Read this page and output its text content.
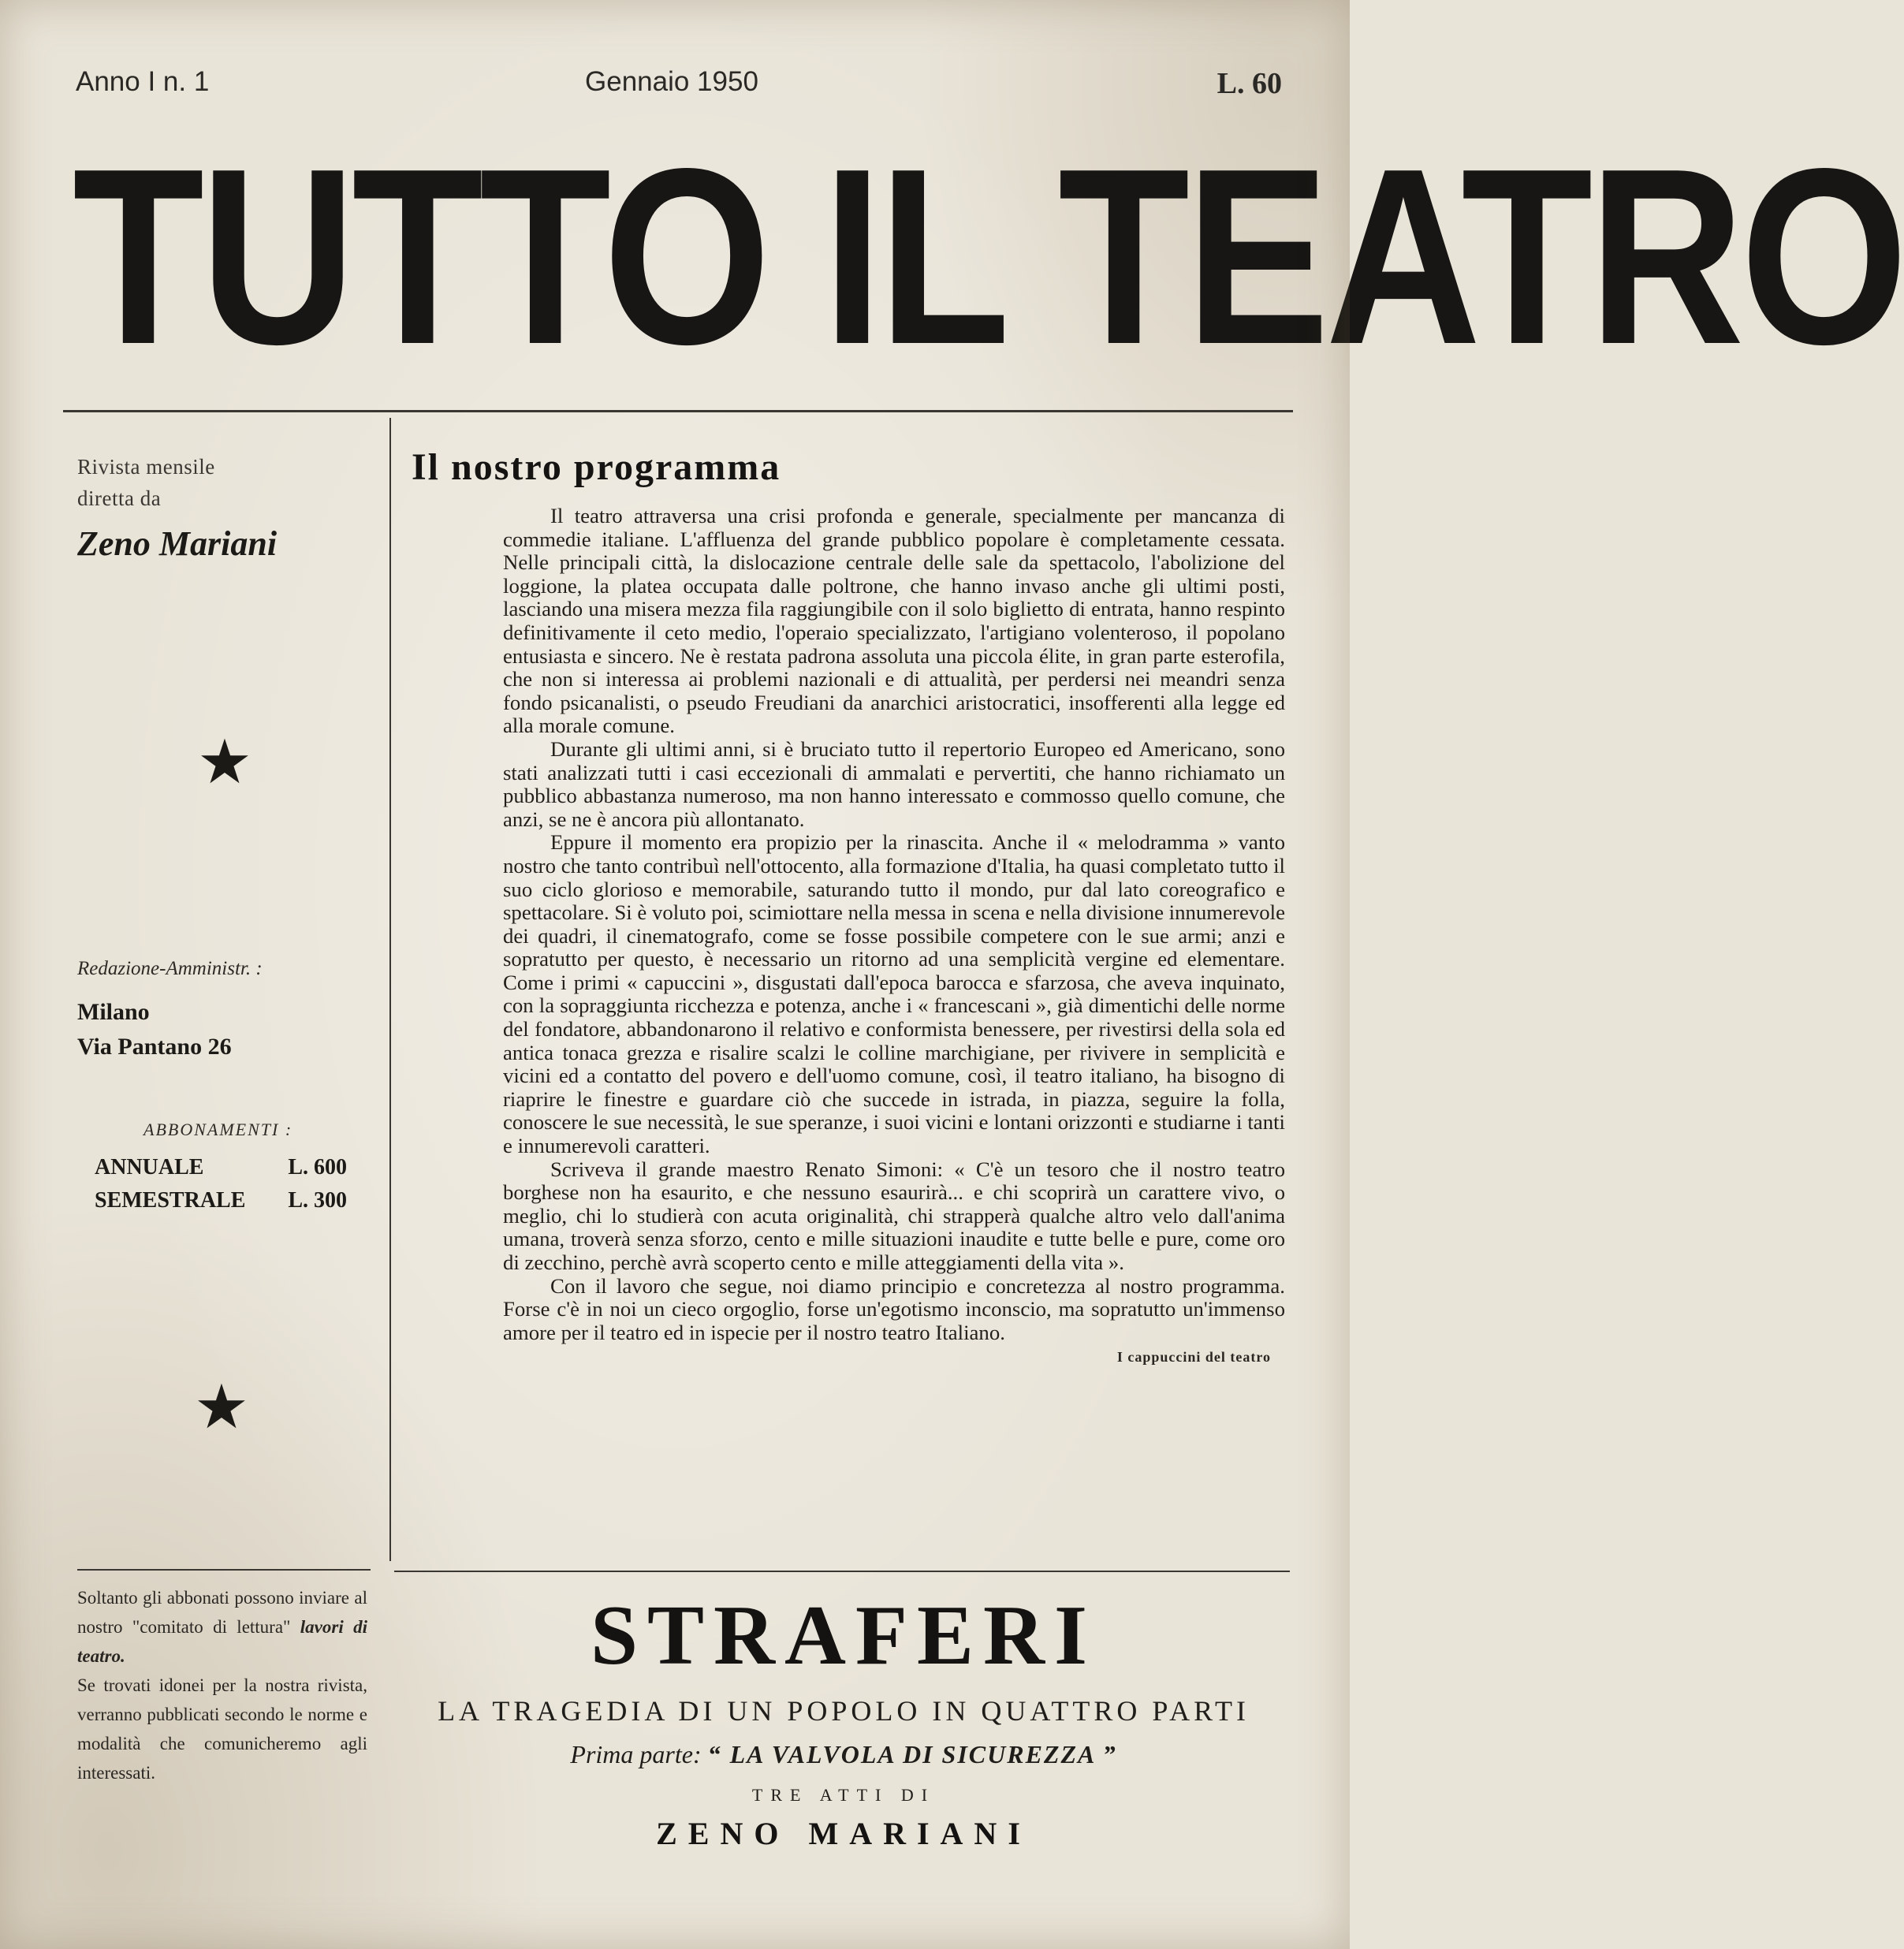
Anno I n. 1	Gennaio 1950	L. 60
TUTTO IL TEATRO
Rivista mensile
diretta da
Zeno Mariani
★
★
Redazione-Amministr. :
Milano
Via Pantano 26
ABBONAMENTI :
ANNUALE	L. 600
SEMESTRALE L. 300
Soltanto gli abbonati possono inviare al nostro "comitato di lettura" lavori di teatro.
Se trovati idonei per la nostra rivista, verranno pubblicati secondo le norme e modalità che comunicheremo agli interessati.
Il nostro programma

Il teatro attraversa una crisi profonda e generale, specialmente per mancanza di commedie italiane. L'affluenza del grande pubblico popolare è completamente cessata. Nelle principali città, la dislocazione centrale delle sale da spettacolo, l'abolizione del loggione, la platea occupata dalle poltrone, che hanno invaso anche gli ultimi posti, lasciando una misera mezza fila raggiungibile con il solo biglietto di entrata, hanno respinto definitivamente il ceto medio, l'operaio specializzato, l'artigiano volenteroso, il popolano entusiasta e sincero. Ne è restata padrona assoluta una piccola élite, in gran parte esterofila, che non si interessa ai problemi nazionali e di attualità, per perdersi nei meandri senza fondo psicanalisti, o pseudo Freudiani da anarchici aristocratici, insofferenti alla legge ed alla morale comune.

Durante gli ultimi anni, si è bruciato tutto il repertorio Europeo ed Americano, sono stati analizzati tutti i casi eccezionali di ammalati e pervertiti, che hanno richiamato un pubblico abbastanza numeroso, ma non hanno interessato e commosso quello comune, che anzi, se ne è ancora più allontanato.

Eppure il momento era propizio per la rinascita. Anche il « melodramma » vanto nostro che tanto contribuì nell'ottocento, alla formazione d'Italia, ha quasi completato tutto il suo ciclo glorioso e memorabile, saturando tutto il mondo, pur dal lato coreografico e spettacolare. Si è voluto poi, scimiottare nella messa in scena e nella divisione innumerevole dei quadri, il cinematografo, come se fosse possibile competere con le sue armi; anzi e sopratutto per questo, è necessario un ritorno ad una semplicità vergine ed elementare. Come i primi « capuccini », disgustati dall'epoca barocca e sfarzosa, che aveva inquinato, con la sopraggiunta ricchezza e potenza, anche i « francescani », già dimentichi delle norme del fondatore, abbandonarono il relativo e conformista benessere, per rivestirsi della sola ed antica tonaca grezza e risalire scalzi le colline marchigiane, per rivivere in semplicità e vicini ed a contatto del povero e dell'uomo comune, così, il teatro italiano, ha bisogno di riaprire le finestre e guardare ciò che succede in istrada, in piazza, seguire la folla, conoscere le sue necessità, le sue speranze, i suoi vicini e lontani orizzonti e studiarne i tanti e innumerevoli caratteri.

Scriveva il grande maestro Renato Simoni: « C'è un tesoro che il nostro teatro borghese non ha esaurito, e che nessuno esaurirà... e chi scoprirà un carattere vivo, o meglio, chi lo studierà con acuta originalità, chi strapperà qualche altro velo dall'anima umana, troverà senza sforzo, cento e mille situazioni inaudite e tutte belle e pure, come oro di zecchino, perchè avrà scoperto cento e mille atteggiamenti della vita ».

Con il lavoro che segue, noi diamo principio e concretezza al nostro programma. Forse c'è in noi un cieco orgoglio, forse un'egotismo inconscio, ma sopratutto un'immenso amore per il teatro ed in ispecie per il nostro teatro Italiano.

I cappuccini del teatro
STRAFERI
LA TRAGEDIA DI UN POPOLO IN QUATTRO PARTI
Prima parte: “ LA VALVOLA DI SICUREZZA ”
TRE ATTI DI
ZENO MARIANI
